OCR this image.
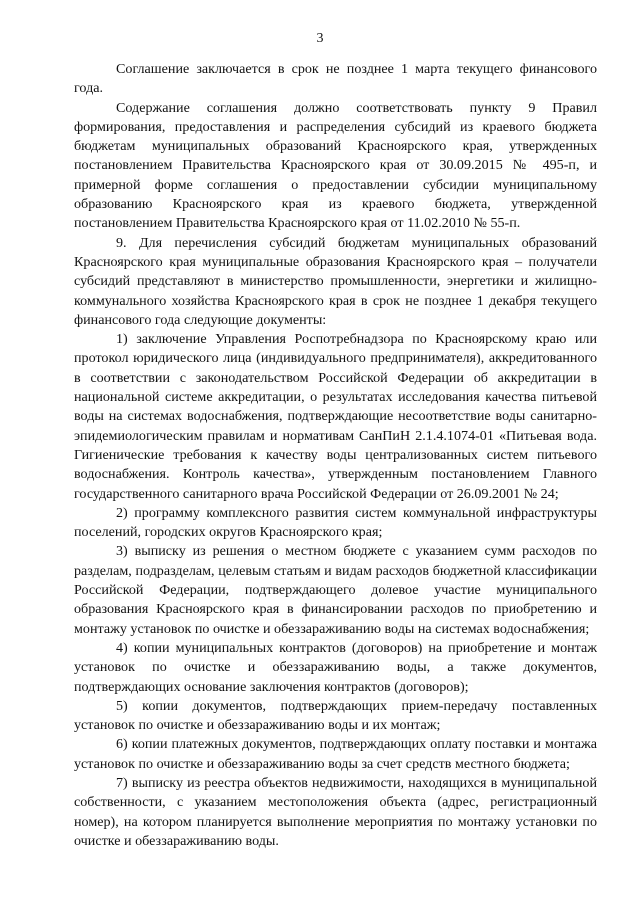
3

Соглашение заключается в срок не позднее 1 марта текущего финансового года.

Содержание соглашения должно соответствовать пункту 9 Правил формирования, предоставления и распределения субсидий из краевого бюджета бюджетам муниципальных образований Красноярского края, утвержденных постановлением Правительства Красноярского края от 30.09.2015 № 495-п, и примерной форме соглашения о предоставлении субсидии муниципальному образованию Красноярского края из краевого бюджета, утвержденной постановлением Правительства Красноярского края от 11.02.2010 № 55-п.

9. Для перечисления субсидий бюджетам муниципальных образований Красноярского края муниципальные образования Красноярского края – получатели субсидий представляют в министерство промышленности, энергетики и жилищно-коммунального хозяйства Красноярского края в срок не позднее 1 декабря текущего финансового года следующие документы:

1) заключение Управления Роспотребнадзора по Красноярскому краю или протокол юридического лица (индивидуального предпринимателя), аккредитованного в соответствии с законодательством Российской Федерации об аккредитации в национальной системе аккредитации, о результатах исследования качества питьевой воды на системах водоснабжения, подтверждающие несоответствие воды санитарно-эпидемиологическим правилам и нормативам СанПиН 2.1.4.1074-01 «Питьевая вода. Гигиенические требования к качеству воды централизованных систем питьевого водоснабжения. Контроль качества», утвержденным постановлением Главного государственного санитарного врача Российской Федерации от 26.09.2001 № 24;

2) программу комплексного развития систем коммунальной инфраструктуры поселений, городских округов Красноярского края;

3) выписку из решения о местном бюджете с указанием сумм расходов по разделам, подразделам, целевым статьям и видам расходов бюджетной классификации Российской Федерации, подтверждающего долевое участие муниципального образования Красноярского края в финансировании расходов по приобретению и монтажу установок по очистке и обеззараживанию воды на системах водоснабжения;

4) копии муниципальных контрактов (договоров) на приобретение и монтаж установок по очистке и обеззараживанию воды, а также документов, подтверждающих основание заключения контрактов (договоров);

5) копии документов, подтверждающих прием-передачу поставленных установок по очистке и обеззараживанию воды и их монтаж;

6) копии платежных документов, подтверждающих оплату поставки и монтажа установок по очистке и обеззараживанию воды за счет средств местного бюджета;

7) выписку из реестра объектов недвижимости, находящихся в муниципальной собственности, с указанием местоположения объекта (адрес, регистрационный номер), на котором планируется выполнение мероприятия по монтажу установки по очистке и обеззараживанию воды.
